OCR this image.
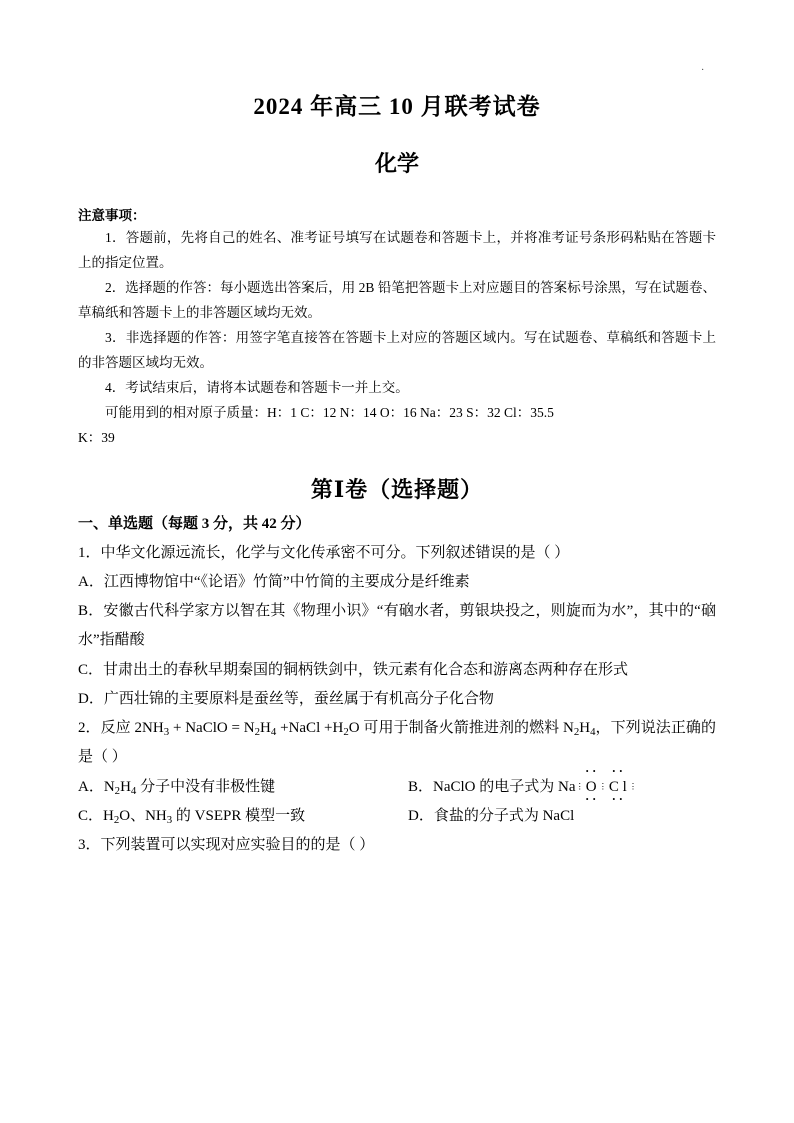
.
2024 年高三 10 月联考试卷
化学
注意事项：

1．答题前，先将自己的姓名、准考证号填写在试题卷和答题卡上，并将准考证号条形码粘贴在答题卡上的指定位置。

2．选择题的作答：每小题选出答案后，用 2B 铅笔把答题卡上对应题目的答案标号涂黑，写在试题卷、草稿纸和答题卡上的非答题区域均无效。

3．非选择题的作答：用签字笔直接答在答题卡上对应的答题区域内。写在试题卷、草稿纸和答题卡上的非答题区域均无效。

4．考试结束后，请将本试题卷和答题卡一并上交。

可能用到的相对原子质量：H：1 C：12 N：14 O：16 Na：23 S：32 Cl：35.5

K：39

第Ⅰ卷（选择题）
一、单选题（每题 3 分，共 42 分）

1．中华文化源远流长，化学与文化传承密不可分。下列叙述错误的是（ ）

A．江西博物馆中“《论语》竹简”中竹简的主要成分是纤维素

B．安徽古代科学家方以智在其《物理小识》“有硇水者，剪银块投之，则旋而为水”，其中的“硇水”指醋酸

C．甘肃出土的春秋早期秦国的铜柄铁剑中，铁元素有化合态和游离态两种存在形式

D．广西壮锦的主要原料是蚕丝等，蚕丝属于有机高分子化合物

2．反应 $2NH_3$ + NaClO = $N_2H_4$ +NaCl $+H_2O$ 可用于制备火箭推进剂的燃料 $N_2H_4$，下列说法正确的是（ ）

A．$N_2H_4$ 分子中没有非极性键	B．NaClO 的电子式为 Na⋮ O
• •
• •
⋮ C l
• •
• •
⋮
C．$H_2O$、$NH_3$ 的 VSEPR 模型一致	D．食盐的分子式为 NaCl

3．下列装置可以实现对应实验目的的是（ ）
